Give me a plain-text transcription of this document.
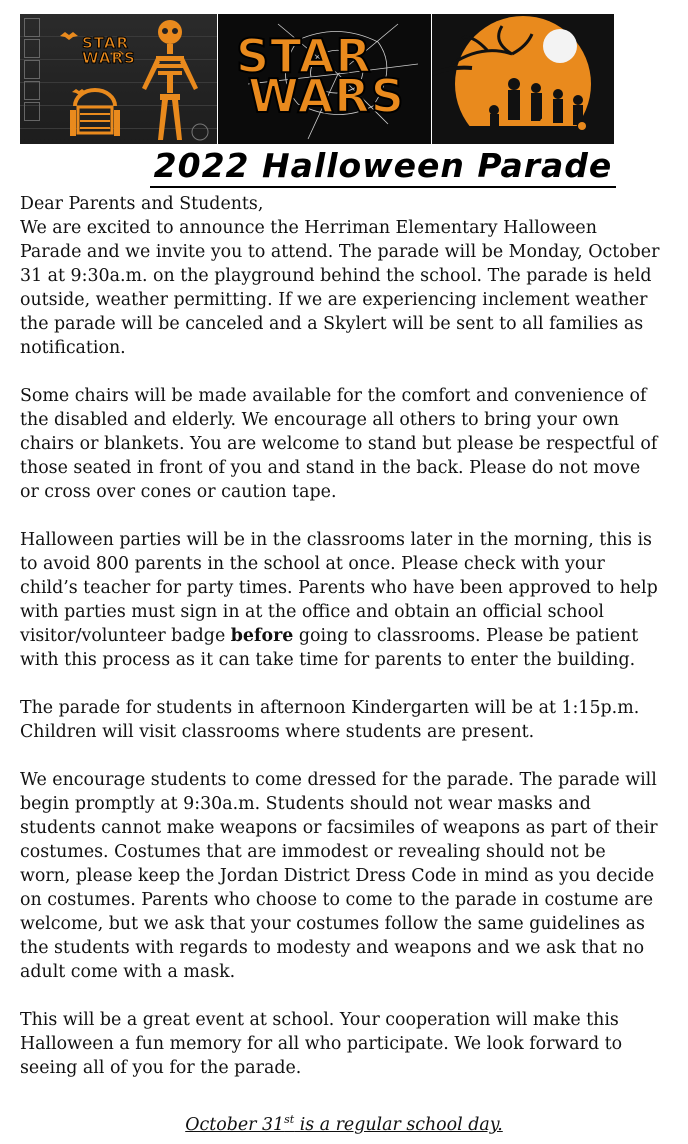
STAR
WARS STAR
WARS
2022 Halloween Parade

Dear Parents and Students,

We are excited to announce the Herriman Elementary Halloween Parade and we invite you to attend. The parade will be Monday, October 31 at 9:30a.m. on the playground behind the school. The parade is held outside, weather permitting. If we are experiencing inclement weather the parade will be canceled and a Skylert will be sent to all families as notification.

Some chairs will be made available for the comfort and convenience of the disabled and elderly. We encourage all others to bring your own chairs or blankets. You are welcome to stand but please be respectful of those seated in front of you and stand in the back. Please do not move or cross over cones or caution tape.

Halloween parties will be in the classrooms later in the morning, this is to avoid 800 parents in the school at once. Please check with your child’s teacher for party times. Parents who have been approved to help with parties must sign in at the office and obtain an official school visitor/volunteer badge before going to classrooms. Please be patient with this process as it can take time for parents to enter the building.

The parade for students in afternoon Kindergarten will be at 1:15p.m. Children will visit classrooms where students are present.

We encourage students to come dressed for the parade. The parade will begin promptly at 9:30a.m. Students should not wear masks and students cannot make weapons or facsimiles of weapons as part of their costumes. Costumes that are immodest or revealing should not be worn, please keep the Jordan District Dress Code in mind as you decide on costumes. Parents who choose to come to the parade in costume are welcome, but we ask that your costumes follow the same guidelines as the students with regards to modesty and weapons and we ask that no adult come with a mask.

This will be a great event at school. Your cooperation will make this Halloween a fun memory for all who participate. We look forward to seeing all of you for the parade.

October 31st is a regular school day.
